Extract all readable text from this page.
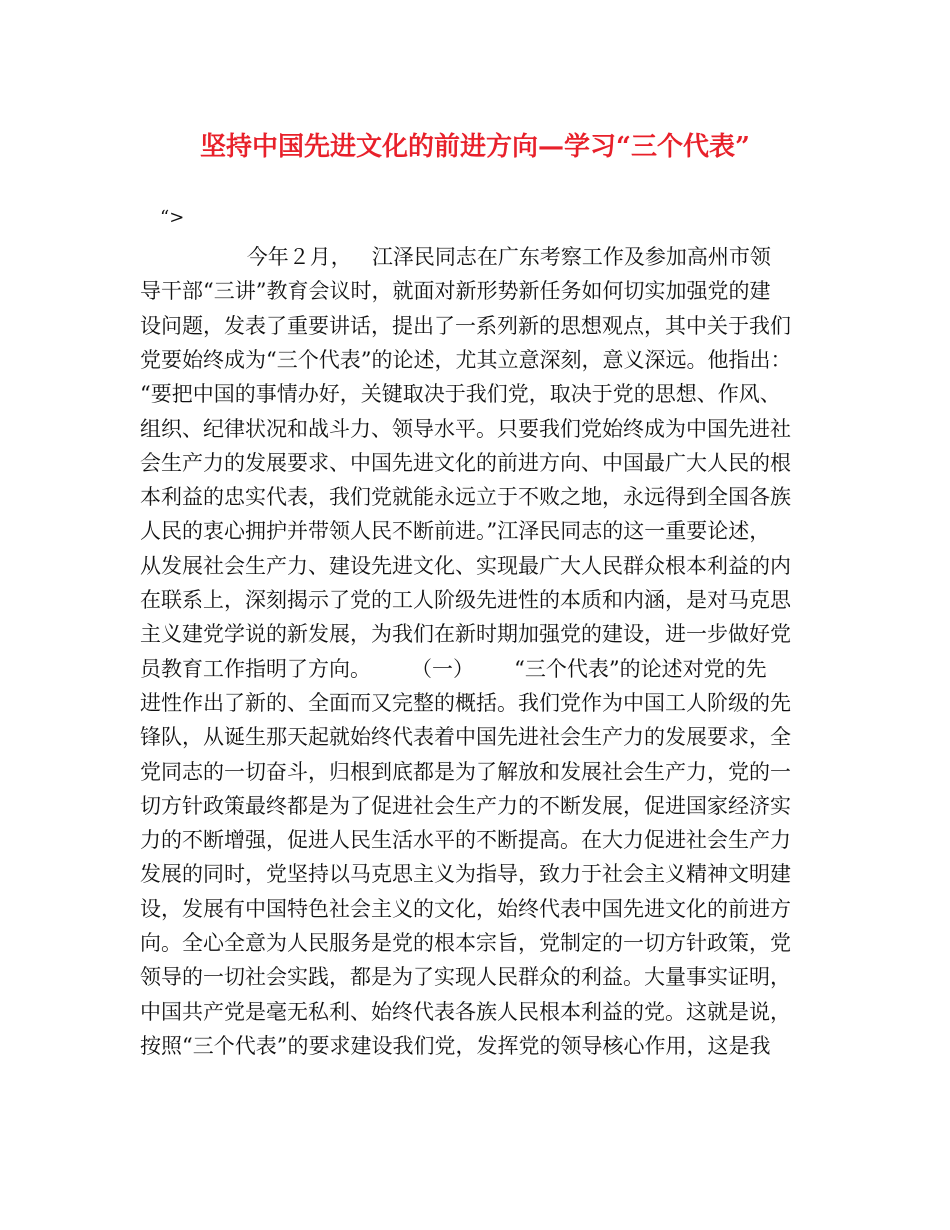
坚持中国先进文化的前进方向—学习“三个代表”
“>
今年２月，   江泽民同志在广东考察工作及参加高州市领
导干部“三讲”教育会议时，就面对新形势新任务如何切实加强党的建
设问题，发表了重要讲话，提出了一系列新的思想观点，其中关于我们
党要始终成为“三个代表”的论述，尤其立意深刻，意义深远。他指出：
“要把中国的事情办好，关键取决于我们党，取决于党的思想、作风、
组织、纪律状况和战斗力、领导水平。只要我们党始终成为中国先进社
会生产力的发展要求、中国先进文化的前进方向、中国最广大人民的根
本利益的忠实代表，我们党就能永远立于不败之地，永远得到全国各族
人民的衷心拥护并带领人民不断前进。”江泽民同志的这一重要论述，
从发展社会生产力、建设先进文化、实现最广大人民群众根本利益的内
在联系上，深刻揭示了党的工人阶级先进性的本质和内涵，是对马克思
主义建党学说的新发展，为我们在新时期加强党的建设，进一步做好党
员教育工作指明了方向。      （一）      “三个代表”的论述对党的先
进性作出了新的、全面而又完整的概括。我们党作为中国工人阶级的先
锋队，从诞生那天起就始终代表着中国先进社会生产力的发展要求，全
党同志的一切奋斗，归根到底都是为了解放和发展社会生产力，党的一
切方针政策最终都是为了促进社会生产力的不断发展，促进国家经济实
力的不断增强，促进人民生活水平的不断提高。在大力促进社会生产力
发展的同时，党坚持以马克思主义为指导，致力于社会主义精神文明建
设，发展有中国特色社会主义的文化，始终代表中国先进文化的前进方
向。全心全意为人民服务是党的根本宗旨，党制定的一切方针政策，党
领导的一切社会实践，都是为了实现人民群众的利益。大量事实证明，
中国共产党是毫无私利、始终代表各族人民根本利益的党。这就是说，
按照“三个代表”的要求建设我们党，发挥党的领导核心作用，这是我
